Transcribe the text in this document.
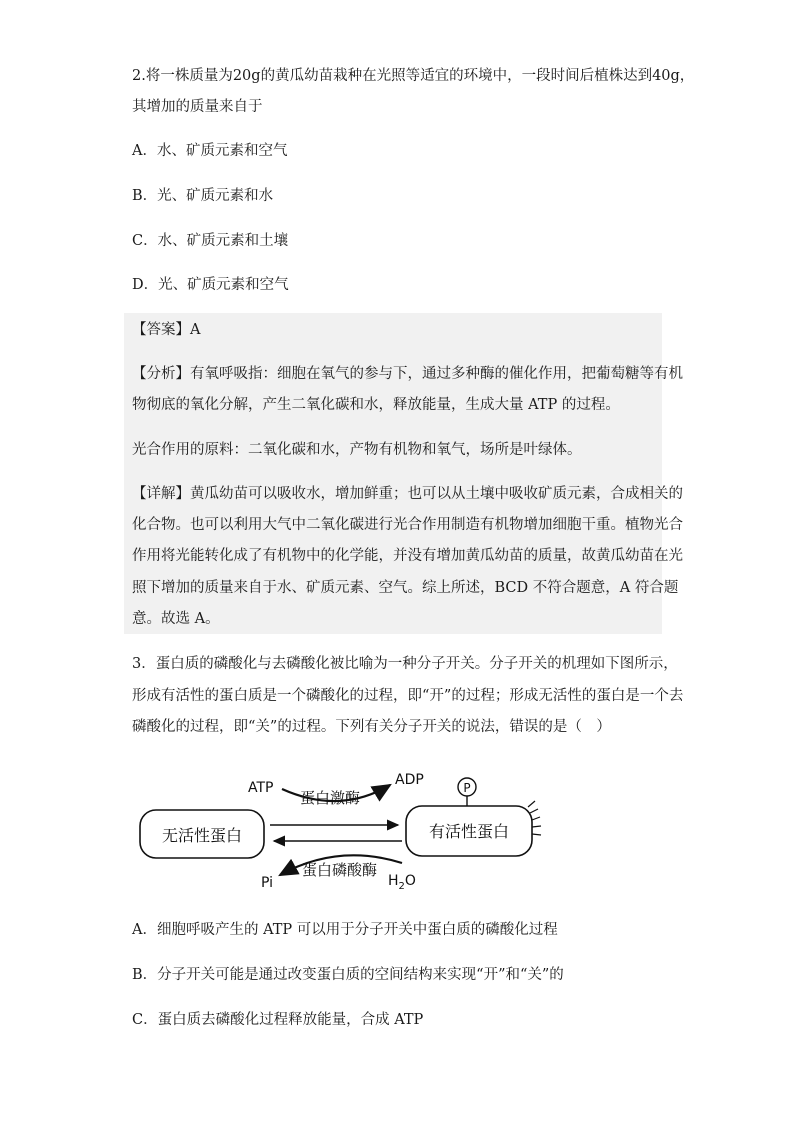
2.将一株质量为20g的黄瓜幼苗栽种在光照等适宜的环境中，一段时间后植株达到40g，
其增加的质量来自于
A．水、矿质元素和空气
B．光、矿质元素和水
C．水、矿质元素和土壤
D．光、矿质元素和空气
【答案】A
【分析】有氧呼吸指：细胞在氧气的参与下，通过多种酶的催化作用，把葡萄糖等有机
物彻底的氧化分解，产生二氧化碳和水，释放能量，生成大量 ATP 的过程。
光合作用的原料：二氧化碳和水，产物有机物和氧气，场所是叶绿体。
【详解】黄瓜幼苗可以吸收水，增加鲜重；也可以从土壤中吸收矿质元素，合成相关的
化合物。也可以利用大气中二氧化碳进行光合作用制造有机物增加细胞干重。植物光合
作用将光能转化成了有机物中的化学能，并没有增加黄瓜幼苗的质量，故黄瓜幼苗在光
照下增加的质量来自于水、矿质元素、空气。综上所述，BCD 不符合题意，A 符合题
意。故选 A。
3．蛋白质的磷酸化与去磷酸化被比喻为一种分子开关。分子开关的机理如下图所示，
形成有活性的蛋白质是一个磷酸化的过程，即“开”的过程；形成无活性的蛋白是一个去
磷酸化的过程，即“关”的过程。下列有关分子开关的说法，错误的是（　）
无活性蛋白	有活性蛋白
P
ATP
蛋白激酶
ADP
蛋白磷酸酶
Pi	$H_2O$
A．细胞呼吸产生的 ATP 可以用于分子开关中蛋白质的磷酸化过程
B．分子开关可能是通过改变蛋白质的空间结构来实现“开”和“关”的
C．蛋白质去磷酸化过程释放能量，合成 ATP
